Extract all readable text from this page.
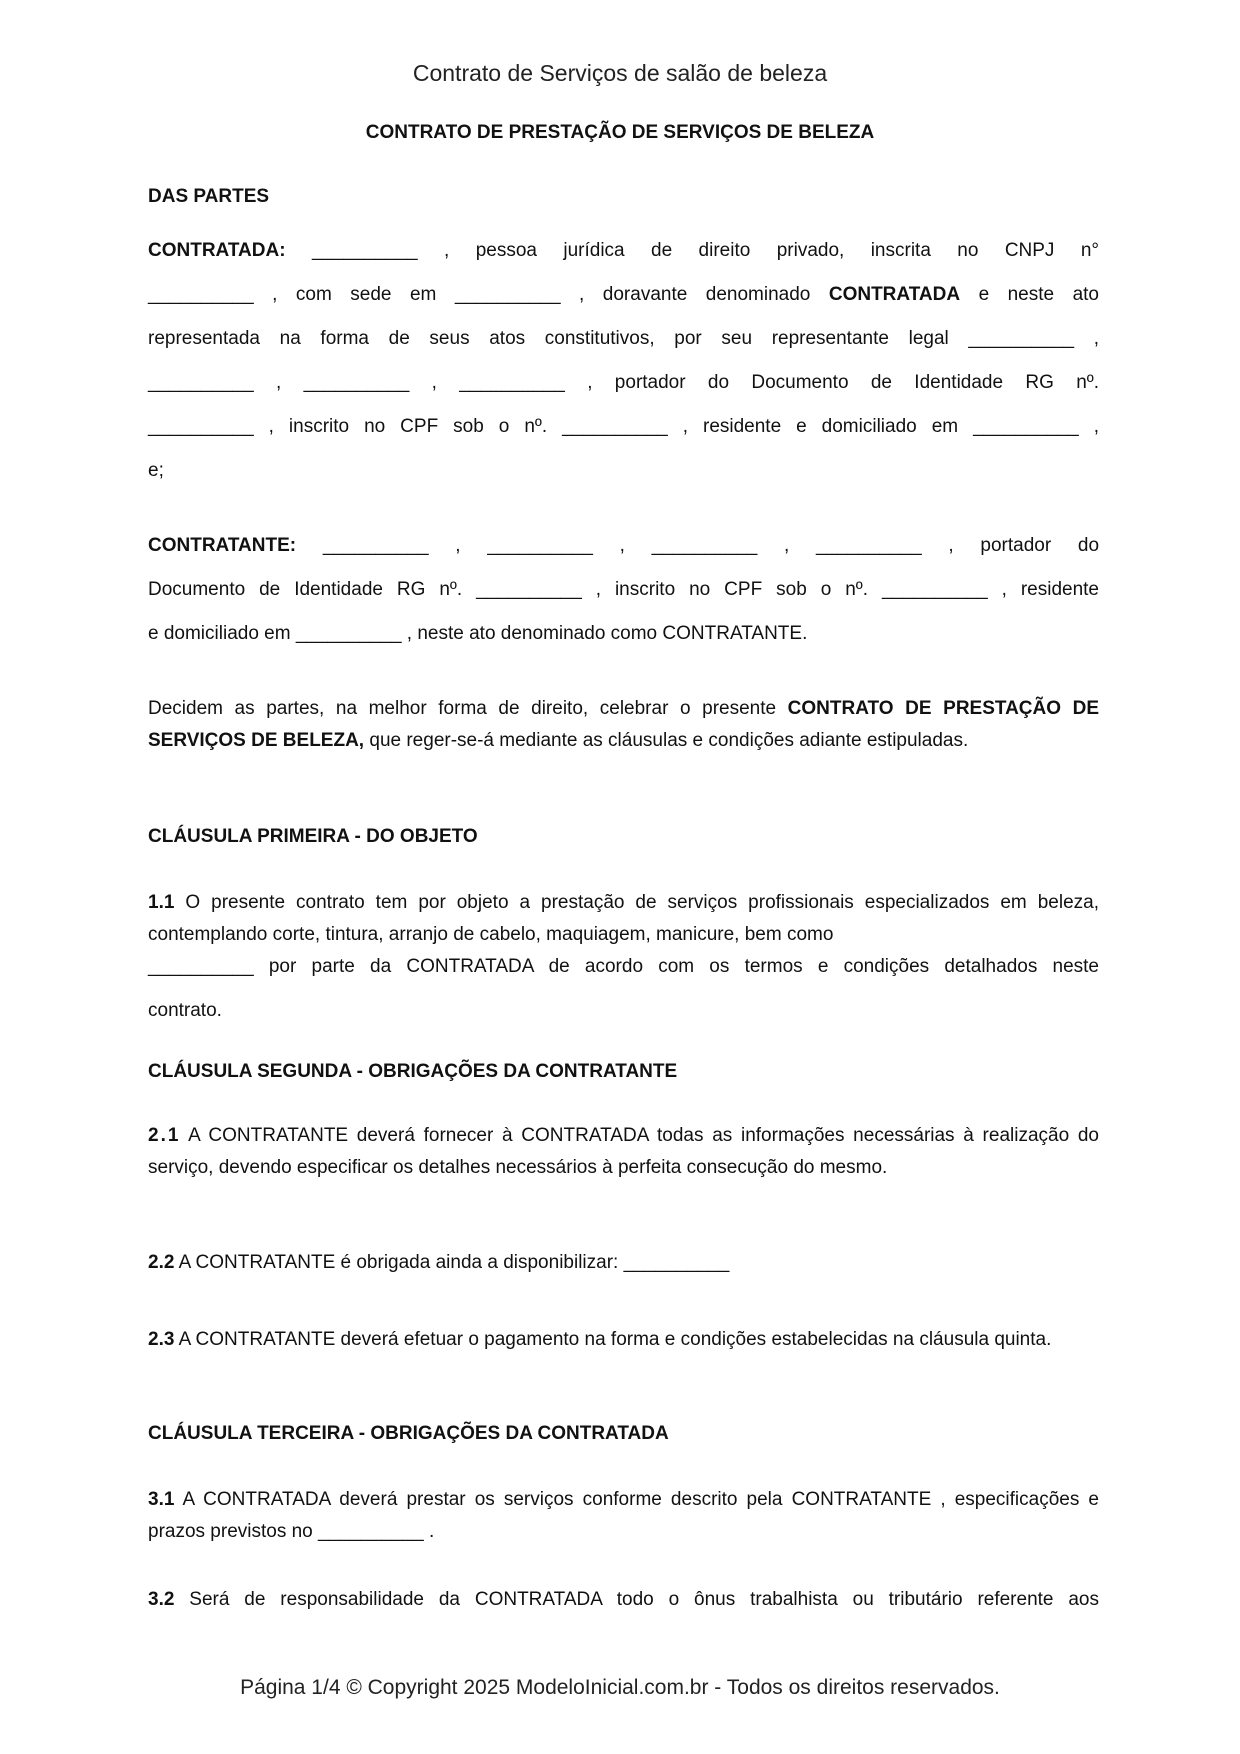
Contrato de Serviços de salão de beleza
CONTRATO DE PRESTAÇÃO DE SERVIÇOS DE BELEZA
DAS PARTES
CONTRATADA: __________ , pessoa jurídica de direito privado, inscrita no CNPJ n°
__________ , com sede em __________ , doravante denominado CONTRATADA e neste ato
representada na forma de seus atos constitutivos, por seu representante legal __________ ,
__________ , __________ , __________ , portador do Documento de Identidade RG nº.
__________ , inscrito no CPF sob o nº. __________ , residente e domiciliado em __________ ,
e;
CONTRATANTE: __________ , __________ , __________ , __________ , portador do
Documento de Identidade RG nº. __________ , inscrito no CPF sob o nº. __________ , residente
e domiciliado em __________ , neste ato denominado como CONTRATANTE.
Decidem as partes, na melhor forma de direito, celebrar o presente CONTRATO DE PRESTAÇÃO DE SERVIÇOS DE BELEZA, que reger-se-á mediante as cláusulas e condições adiante estipuladas.
CLÁUSULA PRIMEIRA - DO OBJETO
1.1 O presente contrato tem por objeto a prestação de serviços profissionais especializados em beleza, contemplando corte, tintura, arranjo de cabelo, maquiagem, manicure, bem como
__________ por parte da CONTRATADA de acordo com os termos e condições detalhados neste
contrato.
CLÁUSULA SEGUNDA - OBRIGAÇÕES DA CONTRATANTE
2.1 A CONTRATANTE deverá fornecer à CONTRATADA todas as informações necessárias à realização do serviço, devendo especificar os detalhes necessários à perfeita consecução do mesmo.
2.2 A CONTRATANTE é obrigada ainda a disponibilizar: __________
2.3 A CONTRATANTE deverá efetuar o pagamento na forma e condições estabelecidas na cláusula quinta.
CLÁUSULA TERCEIRA - OBRIGAÇÕES DA CONTRATADA
3.1 A CONTRATADA deverá prestar os serviços conforme descrito pela CONTRATANTE , especificações e prazos previstos no __________ .
3.2 Será de responsabilidade da CONTRATADA todo o ônus trabalhista ou tributário referente aos
Página 1/4 © Copyright 2025 ModeloInicial.com.br - Todos os direitos reservados.
